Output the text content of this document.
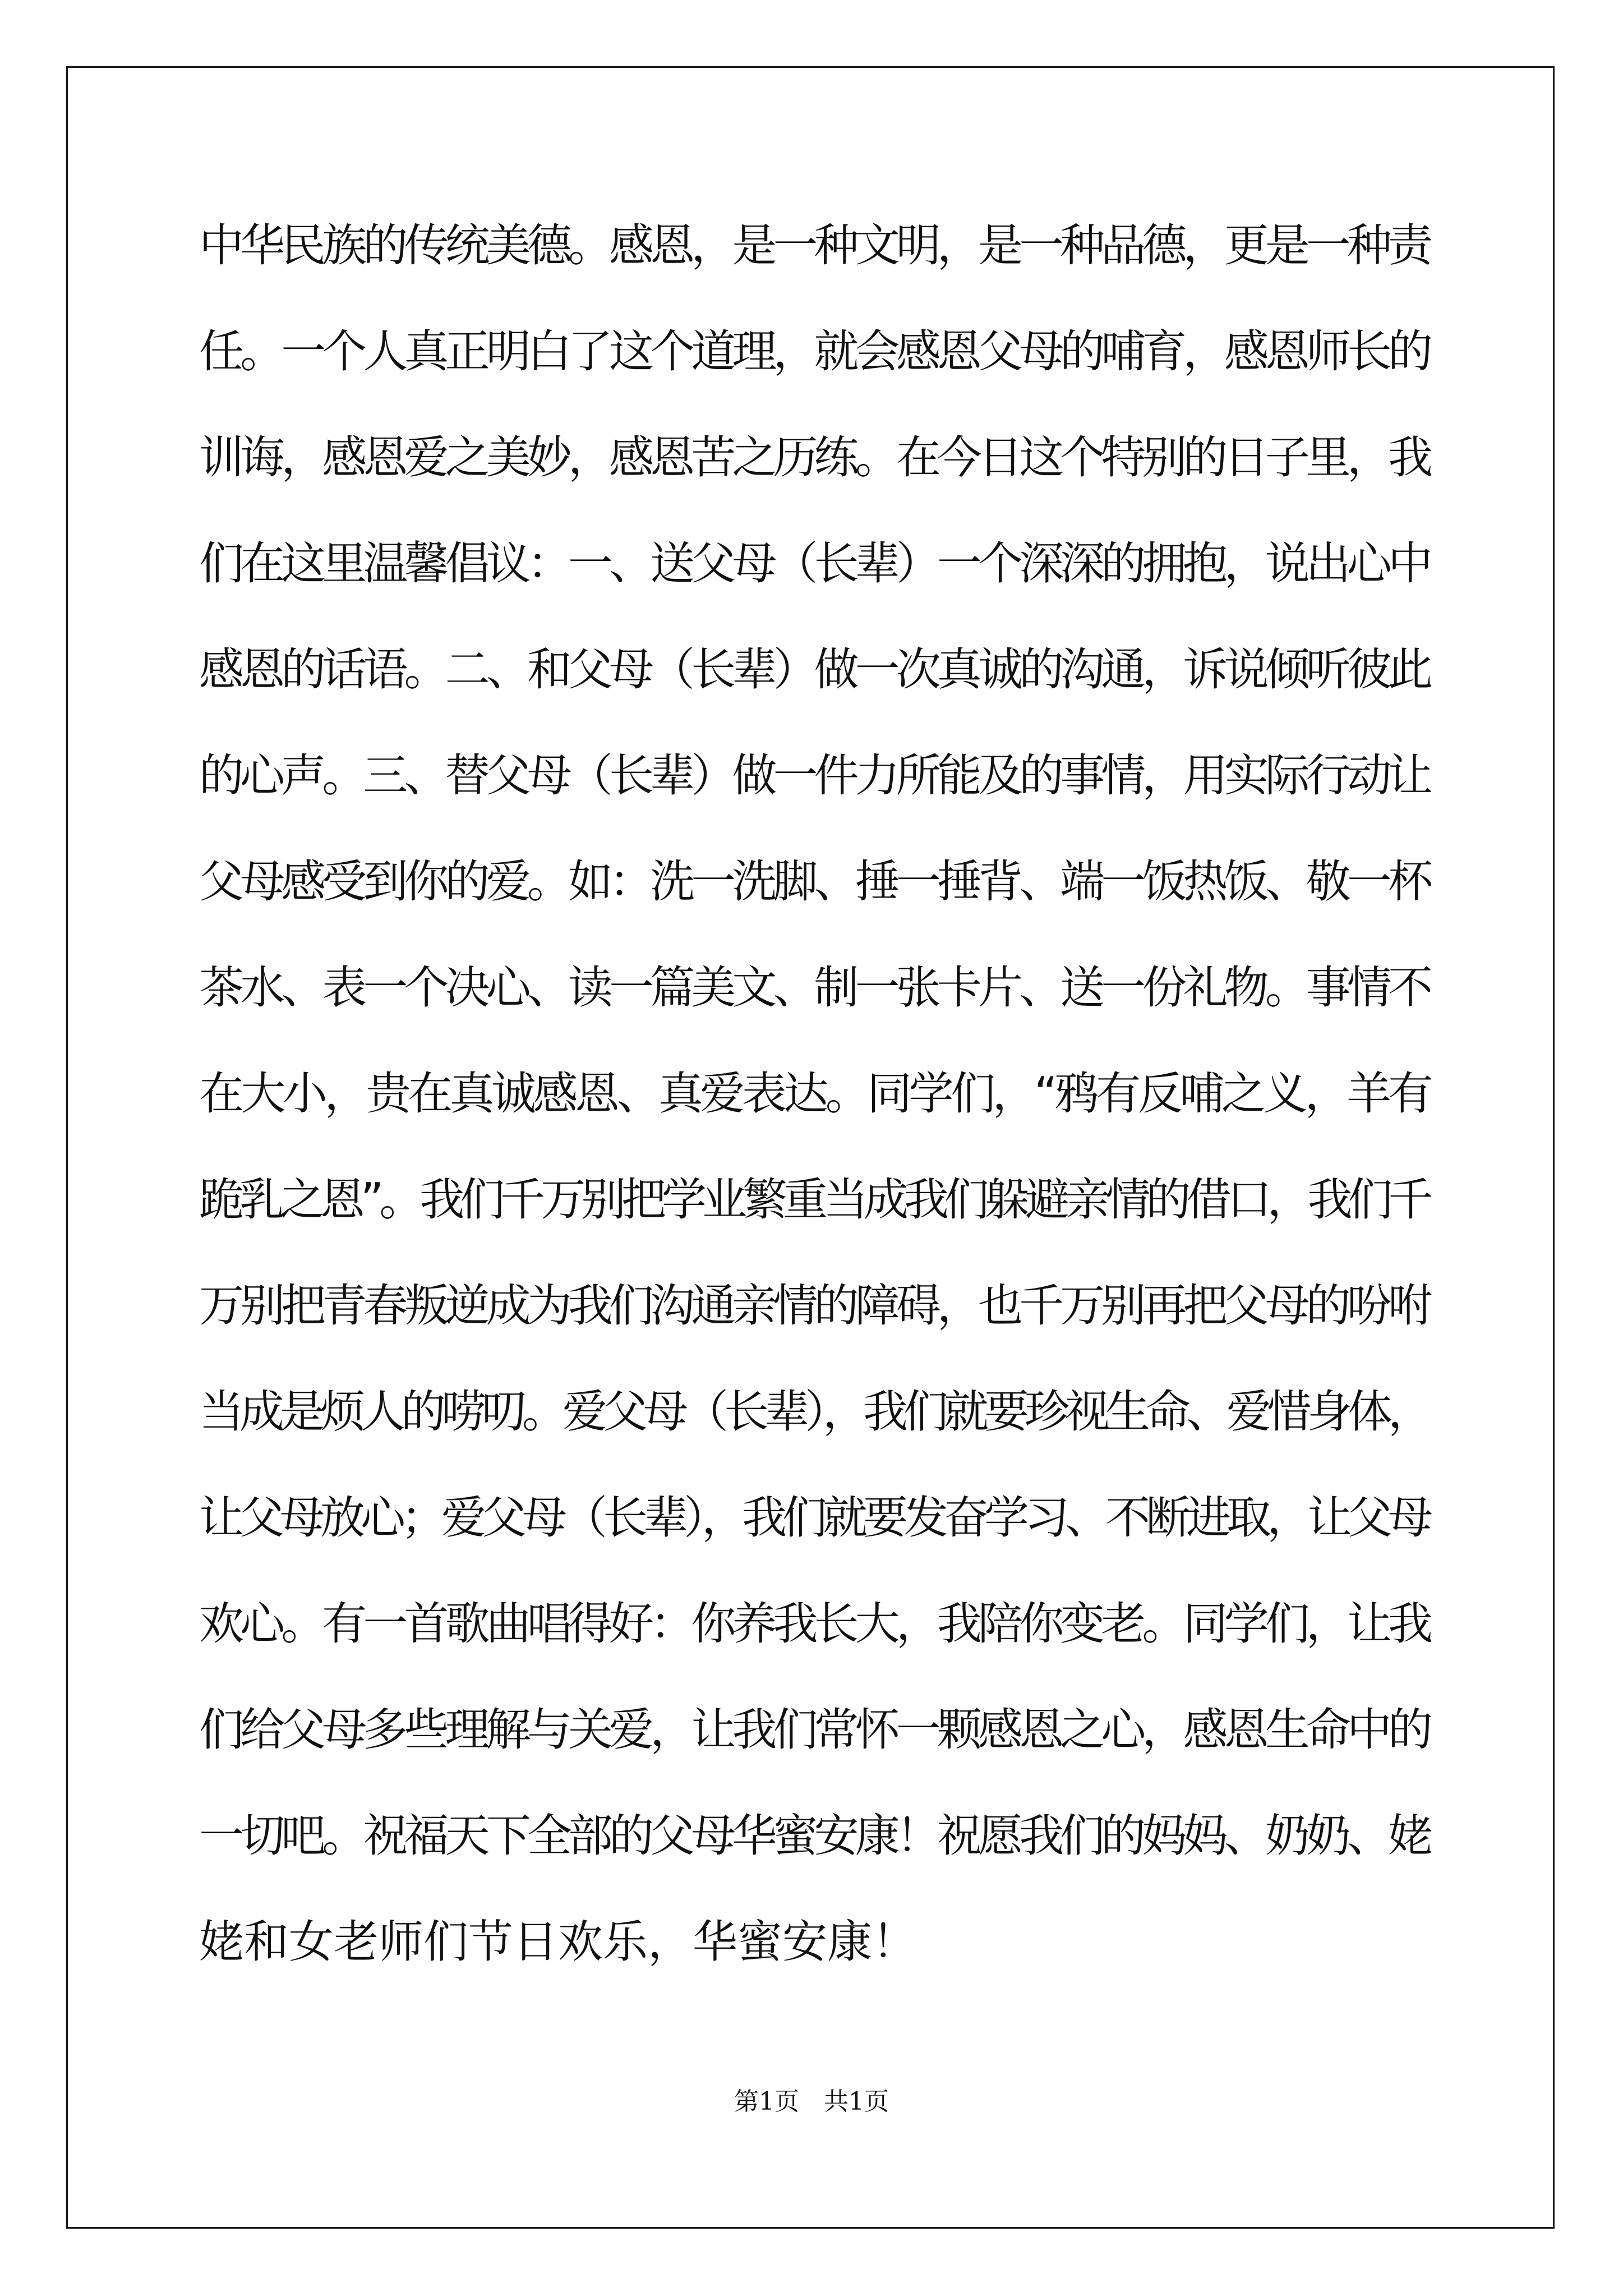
中华民族的传统美德。感恩，是一种文明，是一种品德，更是一种责
任。一个人真正明白了这个道理，就会感恩父母的哺育，感恩师长的
训诲，感恩爱之美妙，感恩苦之历练。在今日这个特别的日子里，我
们在这里温馨倡议：一、送父母（长辈）一个深深的拥抱，说出心中
感恩的话语。二、和父母（长辈）做一次真诚的沟通，诉说倾听彼此
的心声。三、替父母（长辈）做一件力所能及的事情，用实际行动让
父母感受到你的爱。如：洗一洗脚、捶一捶背、端一饭热饭、敬一杯
茶水、表一个决心、读一篇美文、制一张卡片、送一份礼物。事情不
在大小，贵在真诚感恩、真爱表达。同学们，“鸦有反哺之义，羊有
跪乳之恩”。我们千万别把学业繁重当成我们躲避亲情的借口，我们千
万别把青春叛逆成为我们沟通亲情的障碍，也千万别再把父母的吩咐
当成是烦人的唠叨。爱父母（长辈），我们就要珍视生命、爱惜身体，
让父母放心；爱父母（长辈），我们就要发奋学习、不断进取，让父母
欢心。有一首歌曲唱得好：你养我长大，我陪你变老。同学们，让我
们给父母多些理解与关爱，让我们常怀一颗感恩之心，感恩生命中的
一切吧。祝福天下全部的父母华蜜安康！祝愿我们的妈妈、奶奶、姥
姥和女老师们节日欢乐，华蜜安康！
第1页　共1页
